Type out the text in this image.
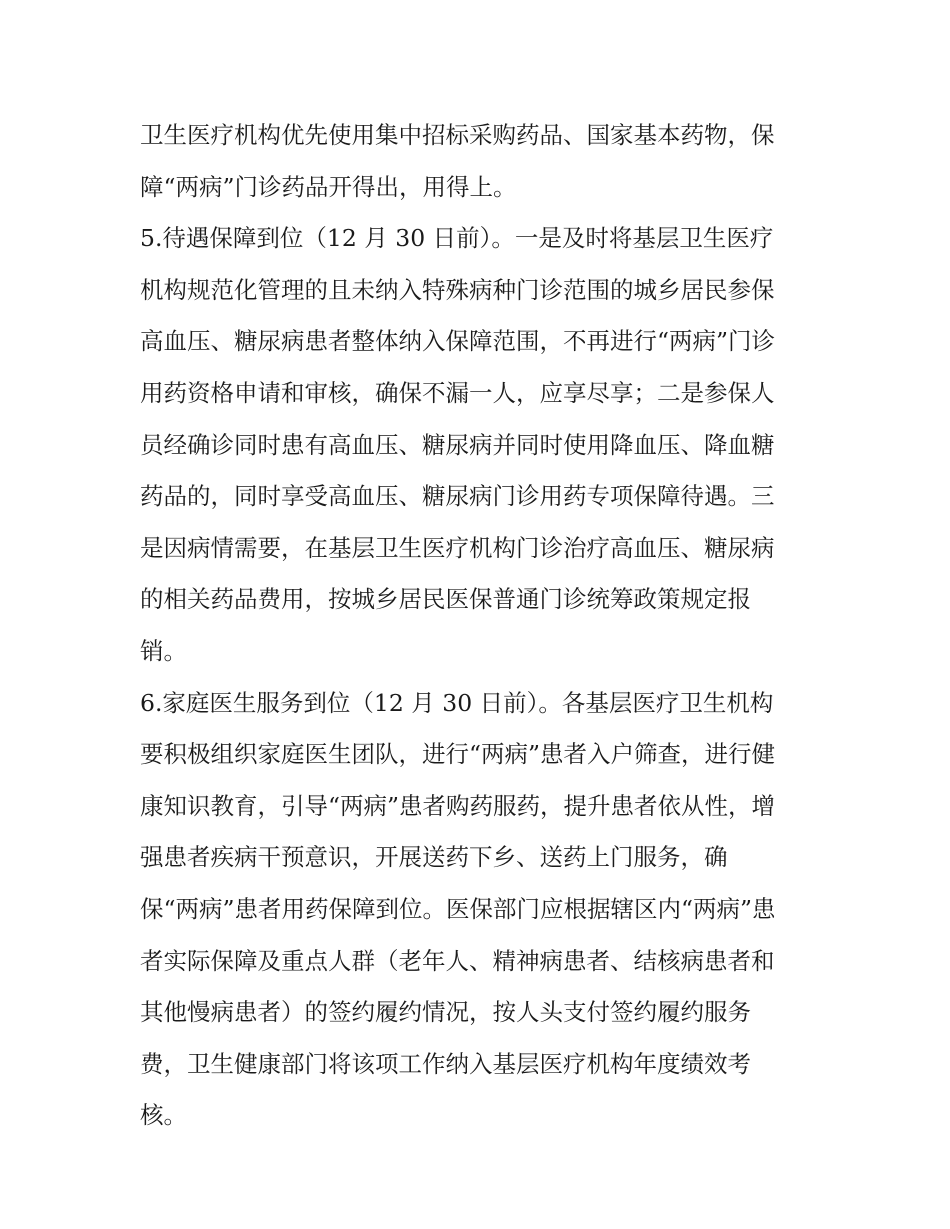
卫生医疗机构优先使用集中招标采购药品、国家基本药物，保
障“两病”门诊药品开得出，用得上。
5.待遇保障到位（12 月 30 日前）。一是及时将基层卫生医疗
机构规范化管理的且未纳入特殊病种门诊范围的城乡居民参保
高血压、糖尿病患者整体纳入保障范围，不再进行“两病”门诊
用药资格申请和审核，确保不漏一人，应享尽享；二是参保人
员经确诊同时患有高血压、糖尿病并同时使用降血压、降血糖
药品的，同时享受高血压、糖尿病门诊用药专项保障待遇。三
是因病情需要，在基层卫生医疗机构门诊治疗高血压、糖尿病
的相关药品费用，按城乡居民医保普通门诊统筹政策规定报
销。
6.家庭医生服务到位（12 月 30 日前）。各基层医疗卫生机构
要积极组织家庭医生团队，进行“两病”患者入户筛查，进行健
康知识教育，引导“两病”患者购药服药，提升患者依从性，增
强患者疾病干预意识，开展送药下乡、送药上门服务，确
保“两病”患者用药保障到位。医保部门应根据辖区内“两病”患
者实际保障及重点人群（老年人、精神病患者、结核病患者和
其他慢病患者）的签约履约情况，按人头支付签约履约服务
费，卫生健康部门将该项工作纳入基层医疗机构年度绩效考
核。
